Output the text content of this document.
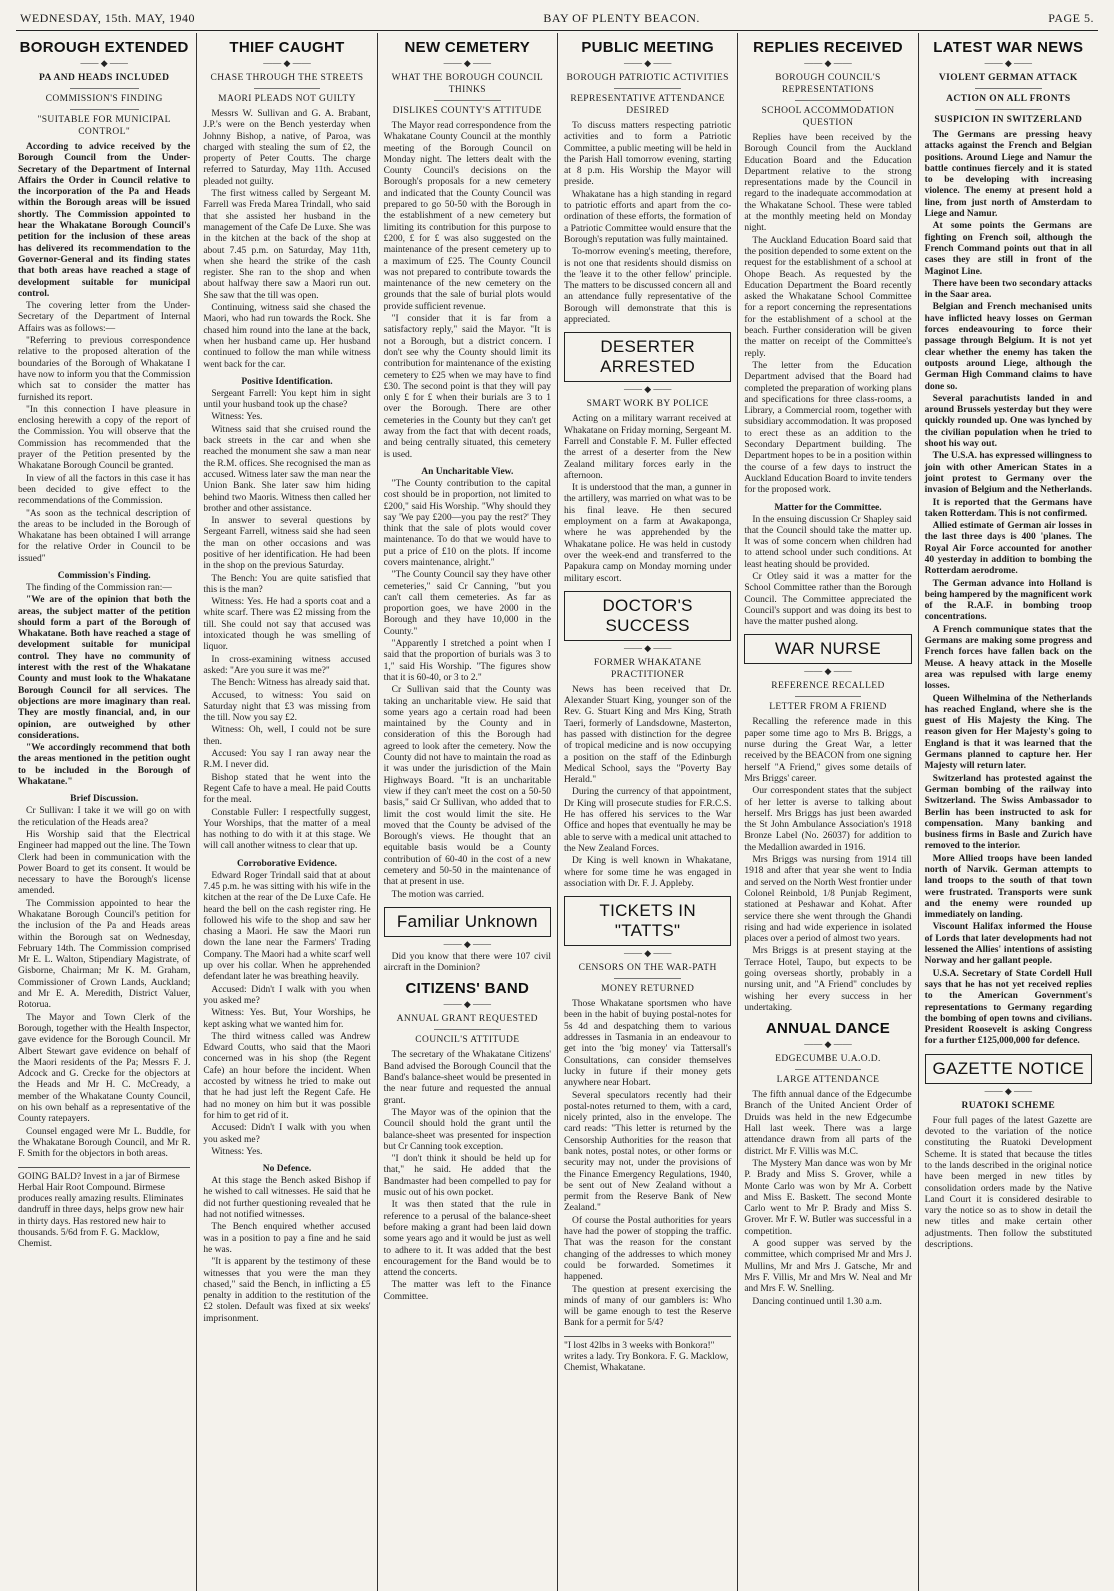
WEDNESDAY, 15th. MAY, 1940	BAY OF PLENTY BEACON.	PAGE 5.
BOROUGH EXTENDED
—— ◆ ——
PA AND HEADS INCLUDED
COMMISSION'S FINDING
"SUITABLE FOR MUNICIPAL CONTROL"

According to advice received by the Borough Council from the Under-Secretary of the Department of Internal Affairs the Order in Council relative to the incorporation of the Pa and Heads within the Borough areas will be issued shortly. The Commission appointed to hear the Whakatane Borough Council's petition for the inclusion of these areas has delivered its recommendation to the Governor-General and its finding states that both areas have reached a stage of development suitable for municipal control.

The covering letter from the Under-Secretary of the Department of Internal Affairs was as follows:—

"Referring to previous correspondence relative to the proposed alteration of the boundaries of the Borough of Whakatane I have now to inform you that the Commission which sat to consider the matter has furnished its report.

"In this connection I have pleasure in enclosing herewith a copy of the report of the Commission. You will observe that the Commission has recommended that the prayer of the Petition presented by the Whakatane Borough Council be granted.

In view of all the factors in this case it has been decided to give effect to the recommendations of the Commission.

"As soon as the technical description of the areas to be included in the Borough of Whakatane has been obtained I will arrange for the relative Order in Council to be issued"

Commission's Finding.

The finding of the Commission ran:—

"We are of the opinion that both the areas, the subject matter of the petition should form a part of the Borough of Whakatane. Both have reached a stage of development suitable for municipal control. They have no community of interest with the rest of the Whakatane County and must look to the Whakatane Borough Council for all services. The objections are more imaginary than real. They are mostly financial, and, in our opinion, are outweighed by other considerations.

"We accordingly recommend that both the areas mentioned in the petition ought to be included in the Borough of Whakatane."

Brief Discussion.

Cr Sullivan: I take it we will go on with the reticulation of the Heads area?

His Worship said that the Electrical Engineer had mapped out the line. The Town Clerk had been in communication with the Power Board to get its consent. It would be necessary to have the Borough's license amended.

The Commission appointed to hear the Whakatane Borough Council's petition for the inclusion of the Pa and Heads areas within the Borough sat on Wednesday, February 14th. The Commission comprised Mr E. L. Walton, Stipendiary Magistrate, of Gisborne, Chairman; Mr K. M. Graham, Commissioner of Crown Lands, Auckland; and Mr E. A. Meredith, District Valuer, Rotorua.

The Mayor and Town Clerk of the Borough, together with the Health Inspector, gave evidence for the Borough Council. Mr Albert Stewart gave evidence on behalf of the Maori residents of the Pa; Messrs F. J. Adcock and G. Crecke for the objectors at the Heads and Mr H. C. McCready, a member of the Whakatane County Council, on his own behalf as a representative of the County ratepayers.

Counsel engaged were Mr L. Buddle, for the Whakatane Borough Council, and Mr R. F. Smith for the objectors in both areas.

GOING BALD? Invest in a jar of Birmese Herbal Hair Root Compound. Birmese produces really amazing results. Eliminates dandruff in three days, helps grow new hair in thirty days. Has restored new hair to thousands. 5/6d from F. G. Macklow, Chemist.
THIEF CAUGHT
—— ◆ ——
CHASE THROUGH THE STREETS
MAORI PLEADS NOT GUILTY

Messrs W. Sullivan and G. A. Brabant, J.P.'s were on the Bench yesterday when Johnny Bishop, a native, of Paroa, was charged with stealing the sum of £2, the property of Peter Coutts. The charge referred to Saturday, May 11th. Accused pleaded not guilty.

The first witness called by Sergeant M. Farrell was Freda Marea Trindall, who said that she assisted her husband in the management of the Cafe De Luxe. She was in the kitchen at the back of the shop at about 7.45 p.m. on Saturday, May 11th, when she heard the strike of the cash register. She ran to the shop and when about halfway there saw a Maori run out. She saw that the till was open.

Continuing, witness said she chased the Maori, who had run towards the Rock. She chased him round into the lane at the back, when her husband came up. Her husband continued to follow the man while witness went back for the car.

Positive Identification.

Sergeant Farrell: You kept him in sight until your husband took up the chase?

Witness: Yes.

Witness said that she cruised round the back streets in the car and when she reached the monument she saw a man near the R.M. offices. She recognised the man as accused. Witness later saw the man near the Union Bank. She later saw him hiding behind two Maoris. Witness then called her brother and other assistance.

In answer to several questions by Sergeant Farrell, witness said she had seen the man on other occasions and was positive of her identification. He had been in the shop on the previous Saturday.

The Bench: You are quite satisfied that this is the man?

Witness: Yes. He had a sports coat and a white scarf. There was £2 missing from the till. She could not say that accused was intoxicated though he was smelling of liquor.

In cross-examining witness accused asked: "Are you sure it was me?"

The Bench: Witness has already said that.

Accused, to witness: You said on Saturday night that £3 was missing from the till. Now you say £2.

Witness: Oh, well, I could not be sure then.

Accused: You say I ran away near the R.M. I never did.

Bishop stated that he went into the Regent Cafe to have a meal. He paid Coutts for the meal.

Constable Fuller: I respectfully suggest, Your Worships, that the matter of a meal has nothing to do with it at this stage. We will call another witness to clear that up.

Corroborative Evidence.

Edward Roger Trindall said that at about 7.45 p.m. he was sitting with his wife in the kitchen at the rear of the De Luxe Cafe. He heard the bell on the cash register ring. He followed his wife to the shop and saw her chasing a Maori. He saw the Maori run down the lane near the Farmers' Trading Company. The Maori had a white scarf well up over his collar. When he apprehended defendant later he was breathing heavily.

Accused: Didn't I walk with you when you asked me?

Witness: Yes. But, Your Worships, he kept asking what we wanted him for.

The third witness called was Andrew Edward Coutts, who said that the Maori concerned was in his shop (the Regent Cafe) an hour before the incident. When accosted by witness he tried to make out that he had just left the Regent Cafe. He had no money on him but it was possible for him to get rid of it.

Accused: Didn't I walk with you when you asked me?

Witness: Yes.

No Defence.

At this stage the Bench asked Bishop if he wished to call witnesses. He said that he did not further questioning revealed that he had not notified witnesses.

The Bench enquired whether accused was in a position to pay a fine and he said he was.

"It is apparent by the testimony of these witnesses that you were the man they chased," said the Bench, in inflicting a £5 penalty in addition to the restitution of the £2 stolen. Default was fixed at six weeks' imprisonment.

NEW CEMETERY
—— ◆ ——
WHAT THE BOROUGH COUNCIL THINKS
DISLIKES COUNTY'S ATTITUDE

The Mayor read correspondence from the Whakatane County Council at the monthly meeting of the Borough Council on Monday night. The letters dealt with the County Council's decisions on the Borough's proposals for a new cemetery and indicated that the County Council was prepared to go 50-50 with the Borough in the establishment of a new cemetery but limiting its contribution for this purpose to £200, £ for £ was also suggested on the maintenance of the present cemetery up to a maximum of £25. The County Council was not prepared to contribute towards the maintenance of the new cemetery on the grounds that the sale of burial plots would provide sufficient revenue.

"I consider that it is far from a satisfactory reply," said the Mayor. "It is not a Borough, but a district concern. I don't see why the County should limit its contribution for maintenance of the existing cemetery to £25 when we may have to find £30. The second point is that they will pay only £ for £ when their burials are 3 to 1 over the Borough. There are other cemeteries in the County but they can't get away from the fact that with decent roads, and being centrally situated, this cemetery is used.

An Uncharitable View.

"The County contribution to the capital cost should be in proportion, not limited to £200," said His Worship. "Why should they say 'We pay £200—you pay the rest?' They think that the sale of plots would cover maintenance. To do that we would have to put a price of £10 on the plots. If income covers maintenance, alright."

"The County Council say they have other cemeteries," said Cr Canning, "but you can't call them cemeteries. As far as proportion goes, we have 2000 in the Borough and they have 10,000 in the County."

"Apparently I stretched a point when I said that the proportion of burials was 3 to 1," said His Worship. "The figures show that it is 60-40, or 3 to 2."

Cr Sullivan said that the County was taking an uncharitable view. He said that some years ago a certain road had been maintained by the County and in consideration of this the Borough had agreed to look after the cemetery. Now the County did not have to maintain the road as it was under the jurisdiction of the Main Highways Board. "It is an uncharitable view if they can't meet the cost on a 50-50 basis," said Cr Sullivan, who added that to limit the cost would limit the site. He moved that the County be advised of the Borough's views. He thought that an equitable basis would be a County contribution of 60-40 in the cost of a new cemetery and 50-50 in the maintenance of that at present in use.

The motion was carried.

Familiar Unknown
—— ◆ ——

Did you know that there were 107 civil aircraft in the Dominion?

CITIZENS' BAND
—— ◆ ——
ANNUAL GRANT REQUESTED
COUNCIL'S ATTITUDE

The secretary of the Whakatane Citizens' Band advised the Borough Council that the Band's balance-sheet would be presented in the near future and requested the annual grant.

The Mayor was of the opinion that the Council should hold the grant until the balance-sheet was presented for inspection but Cr Canning took exception.

"I don't think it should be held up for that," he said. He added that the Bandmaster had been compelled to pay for music out of his own pocket.

It was then stated that the rule in reference to a perusal of the balance-sheet before making a grant had been laid down some years ago and it would be just as well to adhere to it. It was added that the best encouragement for the Band would be to attend the concerts.

The matter was left to the Finance Committee.

PUBLIC MEETING
—— ◆ ——
BOROUGH PATRIOTIC ACTIVITIES
REPRESENTATIVE ATTENDANCE DESIRED

To discuss matters respecting patriotic activities and to form a Patriotic Committee, a public meeting will be held in the Parish Hall tomorrow evening, starting at 8 p.m. His Worship the Mayor will preside.

Whakatane has a high standing in regard to patriotic efforts and apart from the co-ordination of these efforts, the formation of a Patriotic Committee would ensure that the Borough's reputation was fully maintained.

To-morrow evening's meeting, therefore, is not one that residents should dismiss on the 'leave it to the other fellow' principle. The matters to be discussed concern all and an attendance fully representative of the Borough will demonstrate that this is appreciated.

DESERTER ARRESTED
—— ◆ ——
SMART WORK BY POLICE

Acting on a military warrant received at Whakatane on Friday morning, Sergeant M. Farrell and Constable F. M. Fuller effected the arrest of a deserter from the New Zealand military forces early in the afternoon.

It is understood that the man, a gunner in the artillery, was married on what was to be his final leave. He then secured employment on a farm at Awakaponga, where he was apprehended by the Whakatane police. He was held in custody over the week-end and transferred to the Papakura camp on Monday morning under military escort.

DOCTOR'S SUCCESS
—— ◆ ——
FORMER WHAKATANE PRACTITIONER

News has been received that Dr. Alexander Stuart King, younger son of the Rev. G. Stuart King and Mrs King, Strath Taeri, formerly of Landsdowne, Masterton, has passed with distinction for the degree of tropical medicine and is now occupying a position on the staff of the Edinburgh Medical School, says the "Poverty Bay Herald."

During the currency of that appointment, Dr King will prosecute studies for F.R.C.S. He has offered his services to the War Office and hopes that eventually he may be able to serve with a medical unit attached to the New Zealand Forces.

Dr King is well known in Whakatane, where for some time he was engaged in association with Dr. F. J. Appleby.

TICKETS IN "TATTS"
—— ◆ ——
CENSORS ON THE WAR-PATH
MONEY RETURNED

Those Whakatane sportsmen who have been in the habit of buying postal-notes for 5s 4d and despatching them to various addresses in Tasmania in an endeavour to get into the 'big money' via Tattersall's Consultations, can consider themselves lucky in future if their money gets anywhere near Hobart.

Several speculators recently had their postal-notes returned to them, with a card, nicely printed, also in the envelope. The card reads: "This letter is returned by the Censorship Authorities for the reason that bank notes, postal notes, or other forms or security may not, under the provisions of the Finance Emergency Regulations, 1940, be sent out of New Zealand without a permit from the Reserve Bank of New Zealand."

Of course the Postal authorities for years have had the power of stopping the traffic. That was the reason for the constant changing of the addresses to which money could be forwarded. Sometimes it happened.

The question at present exercising the minds of many of our gamblers is: Who will be game enough to test the Reserve Bank for a permit for 5/4?

"I lost 42lbs in 3 weeks with Bonkora!" writes a lady. Try Bonkora. F. G. Macklow, Chemist, Whakatane.
REPLIES RECEIVED
—— ◆ ——
BOROUGH COUNCIL'S REPRESENTATIONS
SCHOOL ACCOMMODATION QUESTION

Replies have been received by the Borough Council from the Auckland Education Board and the Education Department relative to the strong representations made by the Council in regard to the inadequate accommodation at the Whakatane School. These were tabled at the monthly meeting held on Monday night.

The Auckland Education Board said that the position depended to some extent on the request for the establishment of a school at Ohope Beach. As requested by the Education Department the Board recently asked the Whakatane School Committee for a report concerning the representations for the establishment of a school at the beach. Further consideration will be given the matter on receipt of the Committee's reply.

The letter from the Education Department advised that the Board had completed the preparation of working plans and specifications for three class-rooms, a Library, a Commercial room, together with subsidiary accommodation. It was proposed to erect these as an addition to the Secondary Department building. The Department hopes to be in a position within the course of a few days to instruct the Auckland Education Board to invite tenders for the proposed work.

Matter for the Committee.

In the ensuing discussion Cr Shapley said that the Council should take the matter up. It was of some concern when children had to attend school under such conditions. At least heating should be provided.

Cr Otley said it was a matter for the School Committee rather than the Borough Council. The Committee appreciated the Council's support and was doing its best to have the matter pushed along.

WAR NURSE
—— ◆ ——
REFERENCE RECALLED
LETTER FROM A FRIEND

Recalling the reference made in this paper some time ago to Mrs B. Briggs, a nurse during the Great War, a letter received by the BEACON from one signing herself "A Friend," gives some details of Mrs Briggs' career.

Our correspondent states that the subject of her letter is averse to talking about herself. Mrs Briggs has just been awarded the St John Ambulance Association's 1918 Bronze Label (No. 26037) for addition to the Medallion awarded in 1916.

Mrs Briggs was nursing from 1914 till 1918 and after that year she went to India and served on the North West frontier under Colonel Reinbold, 1/8 Punjab Regiment, stationed at Peshawar and Kohat. After service there she went through the Ghandi rising and had wide experience in isolated places over a period of almost two years.

Mrs Briggs is at present staying at the Terrace Hotel, Taupo, but expects to be going overseas shortly, probably in a nursing unit, and "A Friend" concludes by wishing her every success in her undertaking.

ANNUAL DANCE
—— ◆ ——
EDGECUMBE U.A.O.D.
LARGE ATTENDANCE

The fifth annual dance of the Edgecumbe Branch of the United Ancient Order of Druids was held in the new Edgecumbe Hall last week. There was a large attendance drawn from all parts of the district. Mr F. Villis was M.C.

The Mystery Man dance was won by Mr P. Brady and Miss S. Grover, while a Monte Carlo was won by Mr A. Corbett and Miss E. Baskett. The second Monte Carlo went to Mr P. Brady and Miss S. Grover. Mr F. W. Butler was successful in a competition.

A good supper was served by the committee, which comprised Mr and Mrs J. Mullins, Mr and Mrs J. Gatsche, Mr and Mrs F. Villis, Mr and Mrs W. Neal and Mr and Mrs F. W. Snelling.

Dancing continued until 1.30 a.m.

LATEST WAR NEWS
—— ◆ ——
VIOLENT GERMAN ATTACK
ACTION ON ALL FRONTS
SUSPICION IN SWITZERLAND

The Germans are pressing heavy attacks against the French and Belgian positions. Around Liege and Namur the battle continues fiercely and it is stated to be developing with increasing violence. The enemy at present hold a line, from just north of Amsterdam to Liege and Namur.

At some points the Germans are fighting on French soil, although the French Command points out that in all cases they are still in front of the Maginot Line.

There have been two secondary attacks in the Saar area.

Belgian and French mechanised units have inflicted heavy losses on German forces endeavouring to force their passage through Belgium. It is not yet clear whether the enemy has taken the outposts around Liege, although the German High Command claims to have done so.

Several parachutists landed in and around Brussels yesterday but they were quickly rounded up. One was lynched by the civilian population when he tried to shoot his way out.

The U.S.A. has expressed willingness to join with other American States in a joint protest to Germany over the invasion of Belgium and the Netherlands.

It is reported that the Germans have taken Rotterdam. This is not confirmed.

Allied estimate of German air losses in the last three days is 400 'planes. The Royal Air Force accounted for another 40 yesterday in addition to bombing the Rotterdam aerodrome.

The German advance into Holland is being hampered by the magnificent work of the R.A.F. in bombing troop concentrations.

A French communique states that the Germans are making some progress and French forces have fallen back on the Meuse. A heavy attack in the Moselle area was repulsed with large enemy losses.

Queen Wilhelmina of the Netherlands has reached England, where she is the guest of His Majesty the King. The reason given for Her Majesty's going to England is that it was learned that the Germans planned to capture her. Her Majesty will return later.

Switzerland has protested against the German bombing of the railway into Switzerland. The Swiss Ambassador to Berlin has been instructed to ask for compensation. Many banking and business firms in Basle and Zurich have removed to the interior.

More Allied troops have been landed north of Narvik. German attempts to land troops to the south of that town were frustrated. Transports were sunk and the enemy were rounded up immediately on landing.

Viscount Halifax informed the House of Lords that later developments had not lessened the Allies' intentions of assisting Norway and her gallant people.

U.S.A. Secretary of State Cordell Hull says that he has not yet received replies to the American Government's representations to Germany regarding the bombing of open towns and civilians. President Roosevelt is asking Congress for a further £125,000,000 for defence.

GAZETTE NOTICE
—— ◆ ——
RUATOKI SCHEME

Four full pages of the latest Gazette are devoted to the variation of the notice constituting the Ruatoki Development Scheme. It is stated that because the titles to the lands described in the original notice have been merged in new titles by consolidation orders made by the Native Land Court it is considered desirable to vary the notice so as to show in detail the new titles and make certain other adjustments. Then follow the substituted descriptions.
